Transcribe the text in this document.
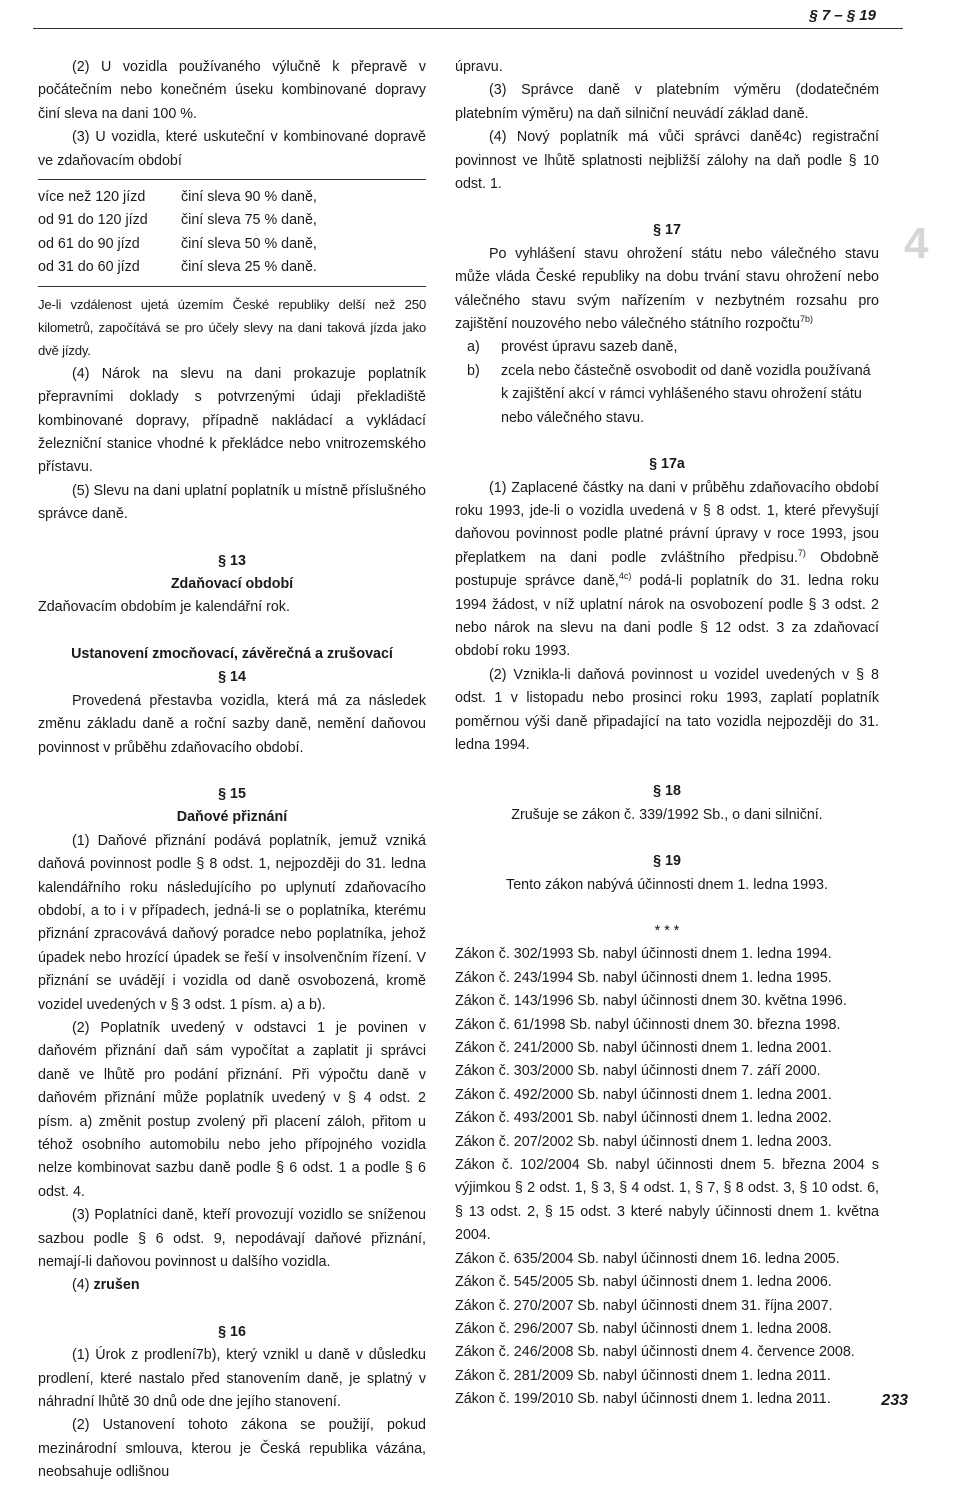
§ 7 – § 19

(2) U vozidla používaného výlučně k přepravě v počátečním nebo konečném úseku kombinované dopravy činí sleva na dani 100 %.

(3) U vozidla, které uskuteční v kombinované dopravě ve zdaňovacím období

více než 120 jízd	činí sleva 90 % daně,
od 91 do 120 jízd	činí sleva 75 % daně,
od 61 do 90 jízd	činí sleva 50 % daně,
od 31 do 60 jízd	činí sleva 25 % daně.

Je-li vzdálenost ujetá územím České republiky delší než 250 kilometrů, započítává se pro účely slevy na dani taková jízda jako dvě jízdy.

(4) Nárok na slevu na dani prokazuje poplatník přepravními doklady s potvrzenými údaji překladiště kombinované dopravy, případně nakládací a vykládací železniční stanice vhodné k překládce nebo vnitrozemského přístavu.

(5) Slevu na dani uplatní poplatník u místně příslušného správce daně.

§ 13
Zdaňovací období

Zdaňovacím obdobím je kalendářní rok.

Ustanovení zmocňovací, závěrečná a zrušovací
§ 14

Provedená přestavba vozidla, která má za následek změnu základu daně a roční sazby daně, nemění daňovou povinnost v průběhu zdaňovacího období.

§ 15
Daňové přiznání

(1) Daňové přiznání podává poplatník, jemuž vzniká daňová povinnost podle § 8 odst. 1, nejpozději do 31. ledna kalendářního roku následujícího po uplynutí zdaňovacího období, a to i v případech, jedná-li se o poplatníka, kterému přiznání zpracovává daňový poradce nebo poplatníka, jehož úpadek nebo hrozící úpadek se řeší v insolvenčním řízení. V přiznání se uvádějí i vozidla od daně osvobozená, kromě vozidel uvedených v § 3 odst. 1 písm. a) a b).

(2) Poplatník uvedený v odstavci 1 je povinen v daňovém přiznání daň sám vypočítat a zaplatit ji správci daně ve lhůtě pro podání přiznání. Při výpočtu daně v daňovém přiznání může poplatník uvedený v § 4 odst. 2 písm. a) změnit postup zvolený při placení záloh, přitom u téhož osobního automobilu nebo jeho přípojného vozidla nelze kombinovat sazbu daně podle § 6 odst. 1 a podle § 6 odst. 4.

(3) Poplatníci daně, kteří provozují vozidlo se sníženou sazbou podle § 6 odst. 9, nepodávají daňové přiznání, nemají-li daňovou povinnost u dalšího vozidla.

(4) zrušen

§ 16

(1) Úrok z prodlení7b), který vznikl u daně v důsledku prodlení, které nastalo před stanovením daně, je splatný v náhradní lhůtě 30 dnů ode dne jejího stanovení.

(2) Ustanovení tohoto zákona se použijí, pokud mezinárodní smlouva, kterou je Česká republika vázána, neobsahuje odlišnou

úpravu.

(3) Správce daně v platebním výměru (dodatečném platebním výměru) na daň silniční neuvádí základ daně.

(4) Nový poplatník má vůči správci daně4c) registrační povinnost ve lhůtě splatnosti nejbližší zálohy na daň podle § 10 odst. 1.

§ 17

Po vyhlášení stavu ohrožení státu nebo válečného stavu může vláda České republiky na dobu trvání stavu ohrožení nebo válečného stavu svým nařízením v nezbytném rozsahu pro zajištění nouzového nebo válečného státního rozpočtu$^{7b)}$

a)	provést úpravu sazeb daně,
b)	zcela nebo částečně osvobodit od daně vozidla používaná k zajištění akcí v rámci vyhlášeného stavu ohrožení státu nebo válečného stavu.
§ 17a

(1) Zaplacené částky na dani v průběhu zdaňovacího období roku 1993, jde-li o vozidla uvedená v § 8 odst. 1, které převyšují daňovou povinnost podle platné právní úpravy v roce 1993, jsou přeplatkem na dani podle zvláštního předpisu.$^{7)}$ Obdobně postupuje správce daně,$^{4c)}$ podá-li poplatník do 31. ledna roku 1994 žádost, v níž uplatní nárok na osvobození podle § 3 odst. 2 nebo nárok na slevu na dani podle § 12 odst. 3 za zdaňovací období roku 1993.

(2) Vznikla-li daňová povinnost u vozidel uvedených v § 8 odst. 1 v listopadu nebo prosinci roku 1993, zaplatí poplatník poměrnou výši daně připadající na tato vozidla nejpozději do 31. ledna 1994.

§ 18

Zrušuje se zákon č. 339/1992 Sb., o dani silniční.

§ 19

Tento zákon nabývá účinnosti dnem 1. ledna 1993.

* * *

Zákon č. 302/1993 Sb. nabyl účinnosti dnem 1. ledna 1994.
Zákon č. 243/1994 Sb. nabyl účinnosti dnem 1. ledna 1995.
Zákon č. 143/1996 Sb. nabyl účinnosti dnem 30. května 1996.
Zákon č. 61/1998 Sb. nabyl účinnosti dnem 30. března 1998.
Zákon č. 241/2000 Sb. nabyl účinnosti dnem 1. ledna 2001.
Zákon č. 303/2000 Sb. nabyl účinnosti dnem 7. září 2000.
Zákon č. 492/2000 Sb. nabyl účinnosti dnem 1. ledna 2001.
Zákon č. 493/2001 Sb. nabyl účinnosti dnem 1. ledna 2002.
Zákon č. 207/2002 Sb. nabyl účinnosti dnem 1. ledna 2003.
Zákon č. 102/2004 Sb. nabyl účinnosti dnem 5. března 2004 s výjimkou § 2 odst. 1, § 3, § 4 odst. 1, § 7, § 8 odst. 3, § 10 odst. 6, § 13 odst. 2, § 15 odst. 3 které nabyly účinnosti dnem 1. května 2004.
Zákon č. 635/2004 Sb. nabyl účinnosti dnem 16. ledna 2005.
Zákon č. 545/2005 Sb. nabyl účinnosti dnem 1. ledna 2006.
Zákon č. 270/2007 Sb. nabyl účinnosti dnem 31. října 2007.
Zákon č. 296/2007 Sb. nabyl účinnosti dnem 1. ledna 2008.
Zákon č. 246/2008 Sb. nabyl účinnosti dnem 4. července 2008.
Zákon č. 281/2009 Sb. nabyl účinnosti dnem 1. ledna 2011.
Zákon č. 199/2010 Sb. nabyl účinnosti dnem 1. ledna 2011.
4
233
